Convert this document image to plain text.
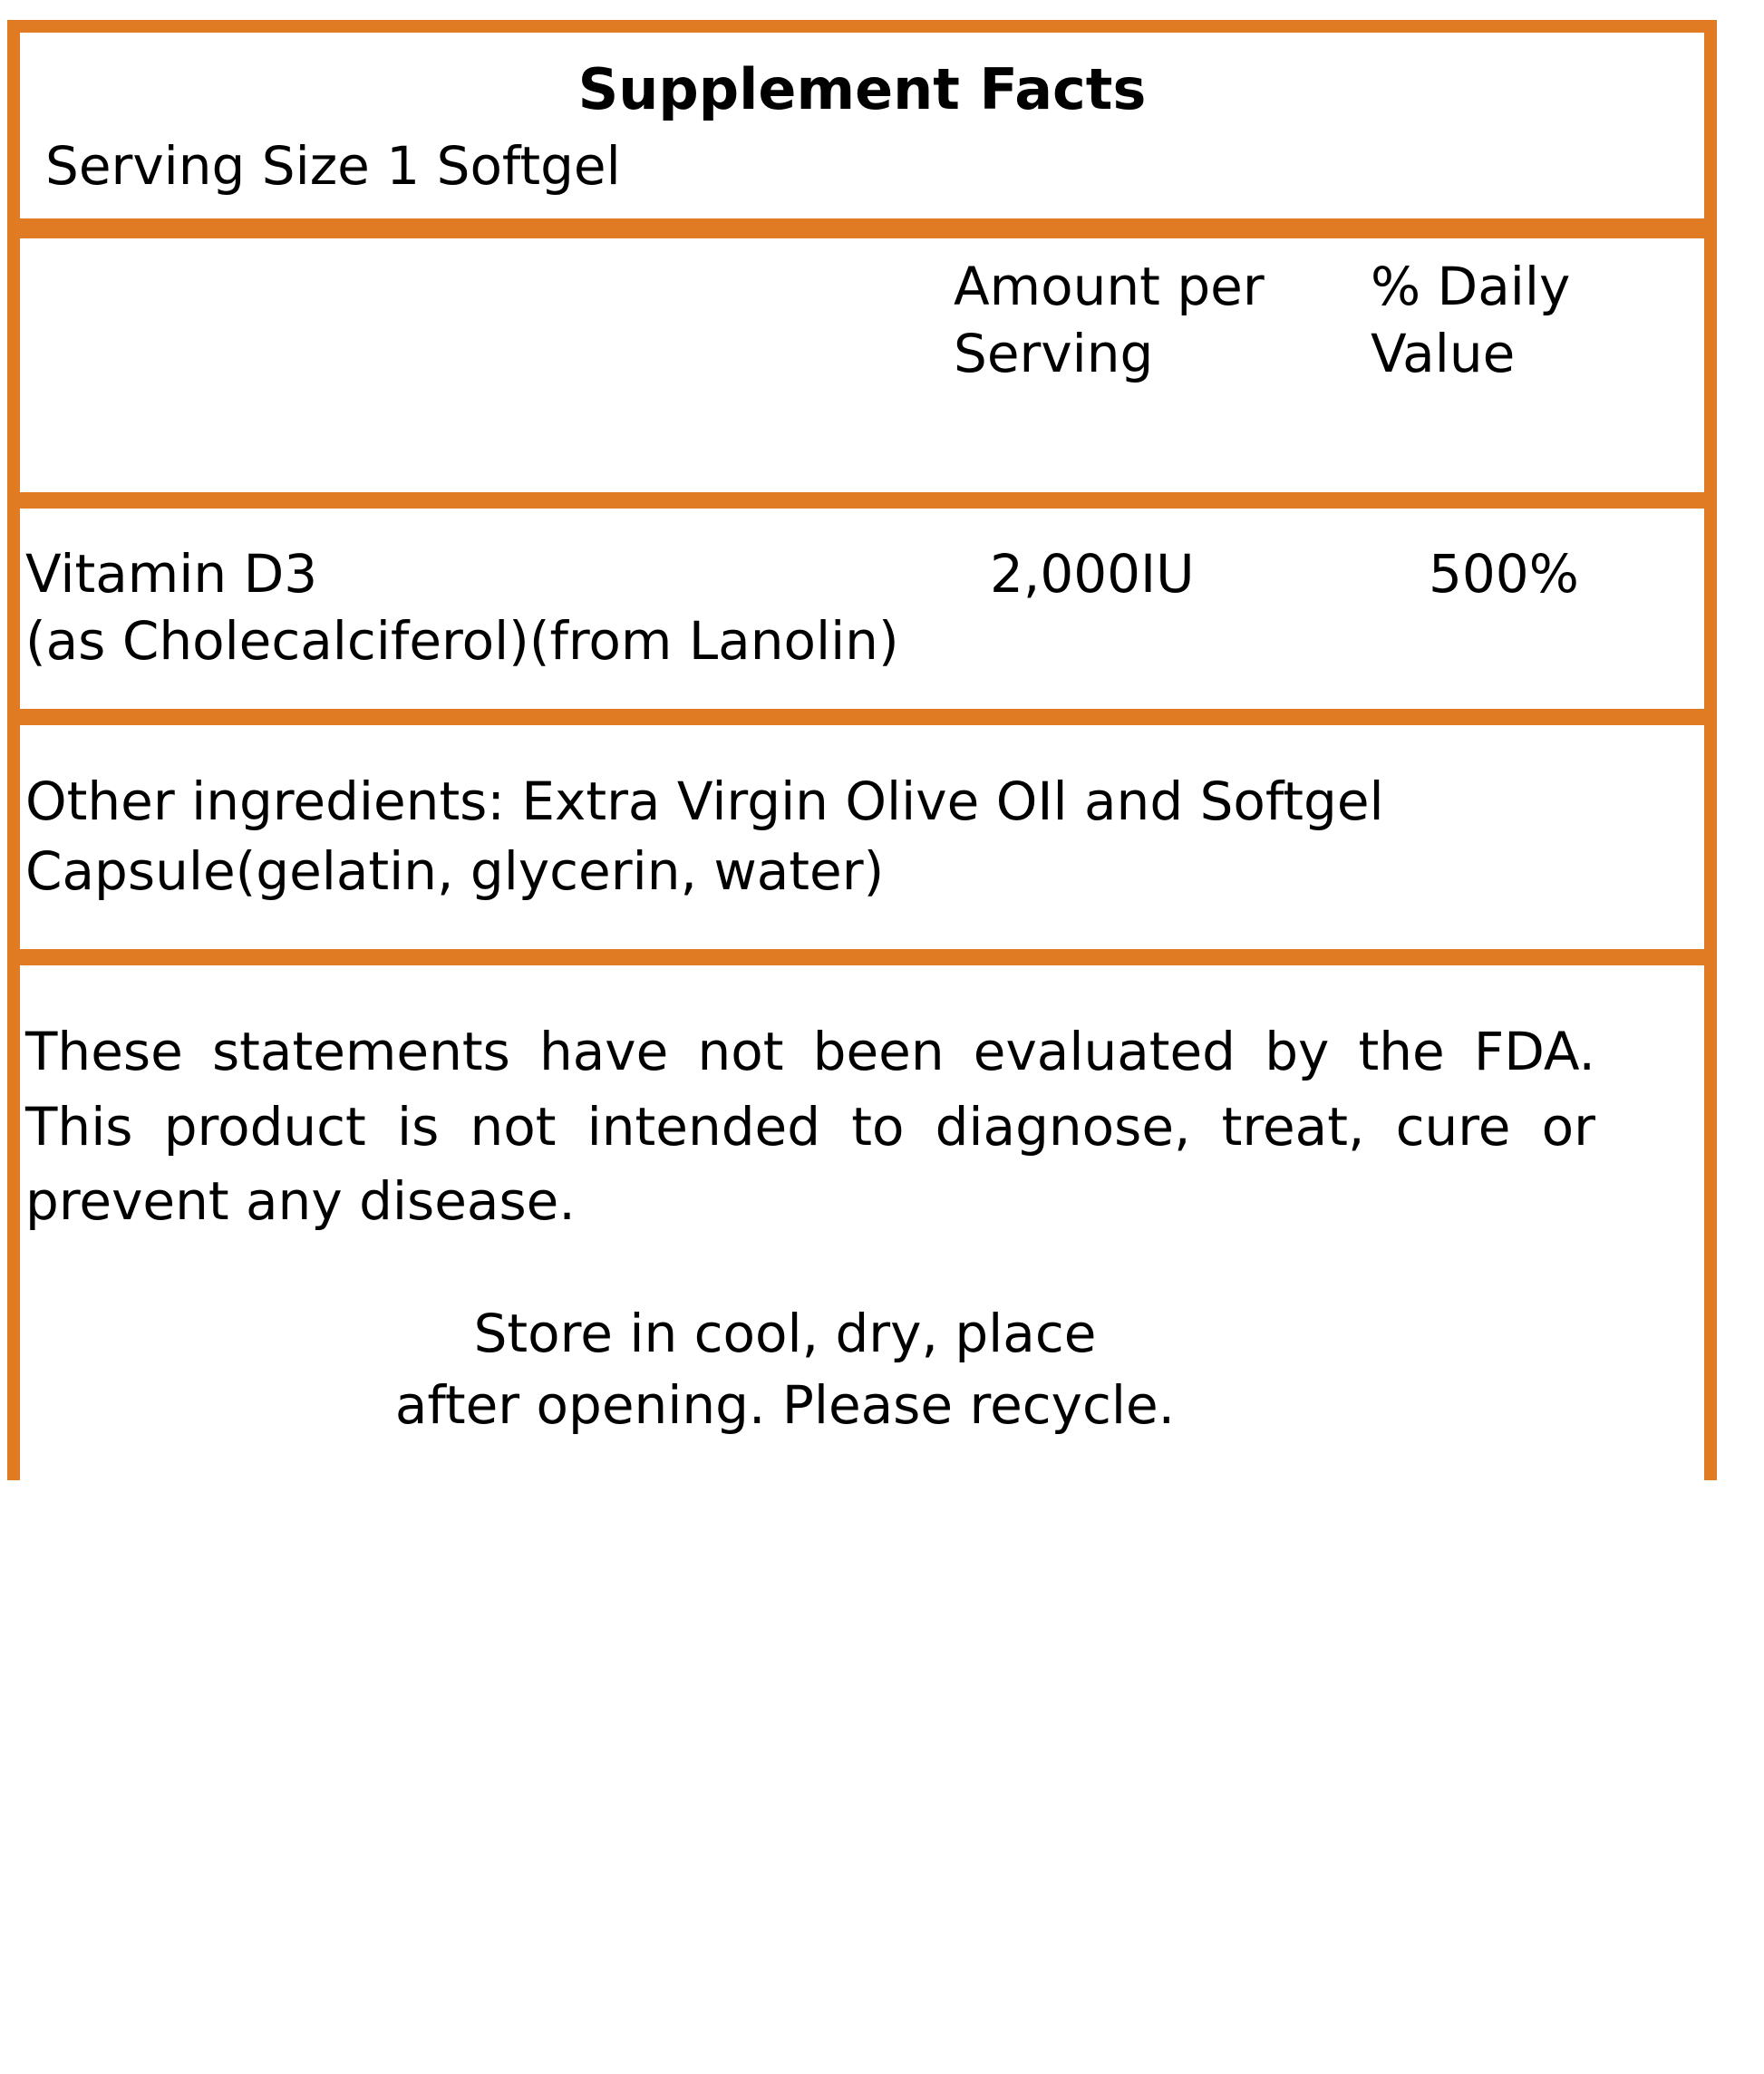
Supplement Facts
Serving Size 1 Softgel
Amount per Serving
% Daily Value
Vitamin D3	2,000IU	500%
(as Cholecalciferol)(from Lanolin)
Other ingredients: Extra Virgin Olive OIl and Softgel Capsule(gelatin, glycerin, water)
These statements have not been evaluated by the FDA. This product is not intended to diagnose, treat, cure or prevent any disease.
Store in cool, dry, place
after opening. Please recycle.
